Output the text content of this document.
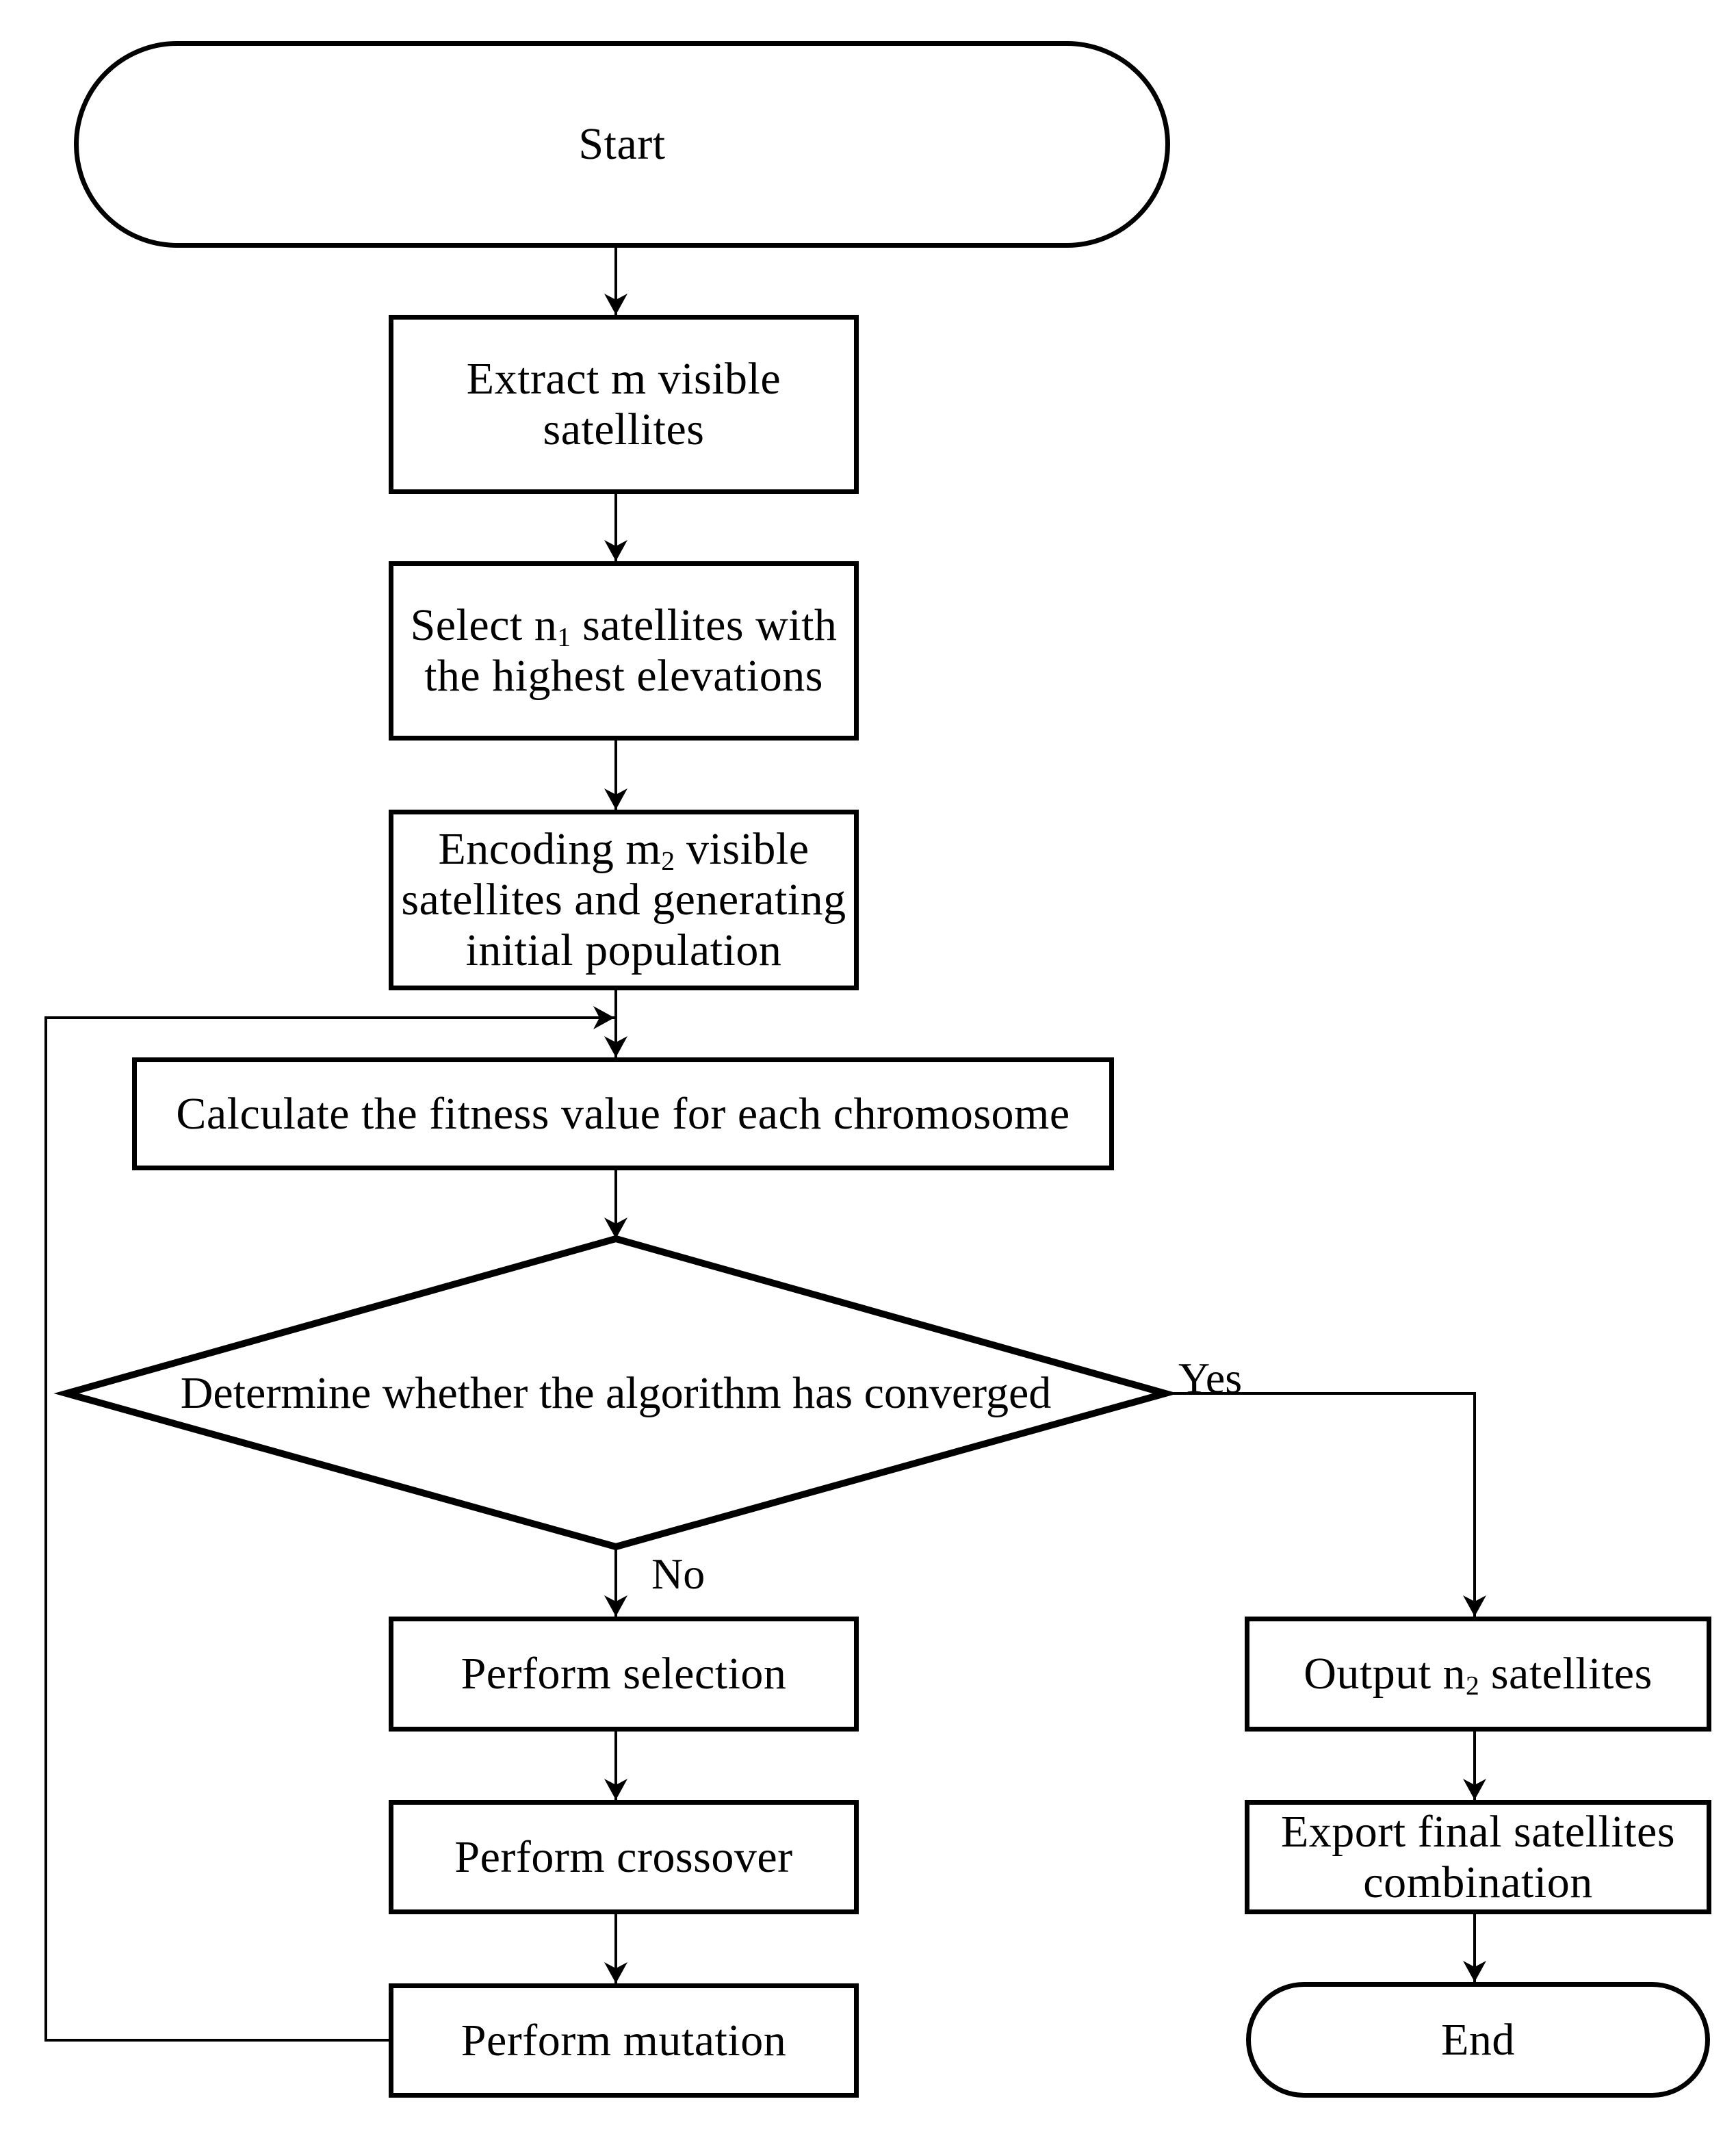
Start
Extract m visible
satellites
Select $n_1$ satellites with
the highest elevations
Encoding $m_2$ visible
satellites and generating
initial population
Calculate the fitness value for each chromosome
Determine whether the algorithm has converged	Yes
No
Perform selection
Perform crossover
Perform mutation
Output $n_2$ satellites
Export final satellites
combination
End
